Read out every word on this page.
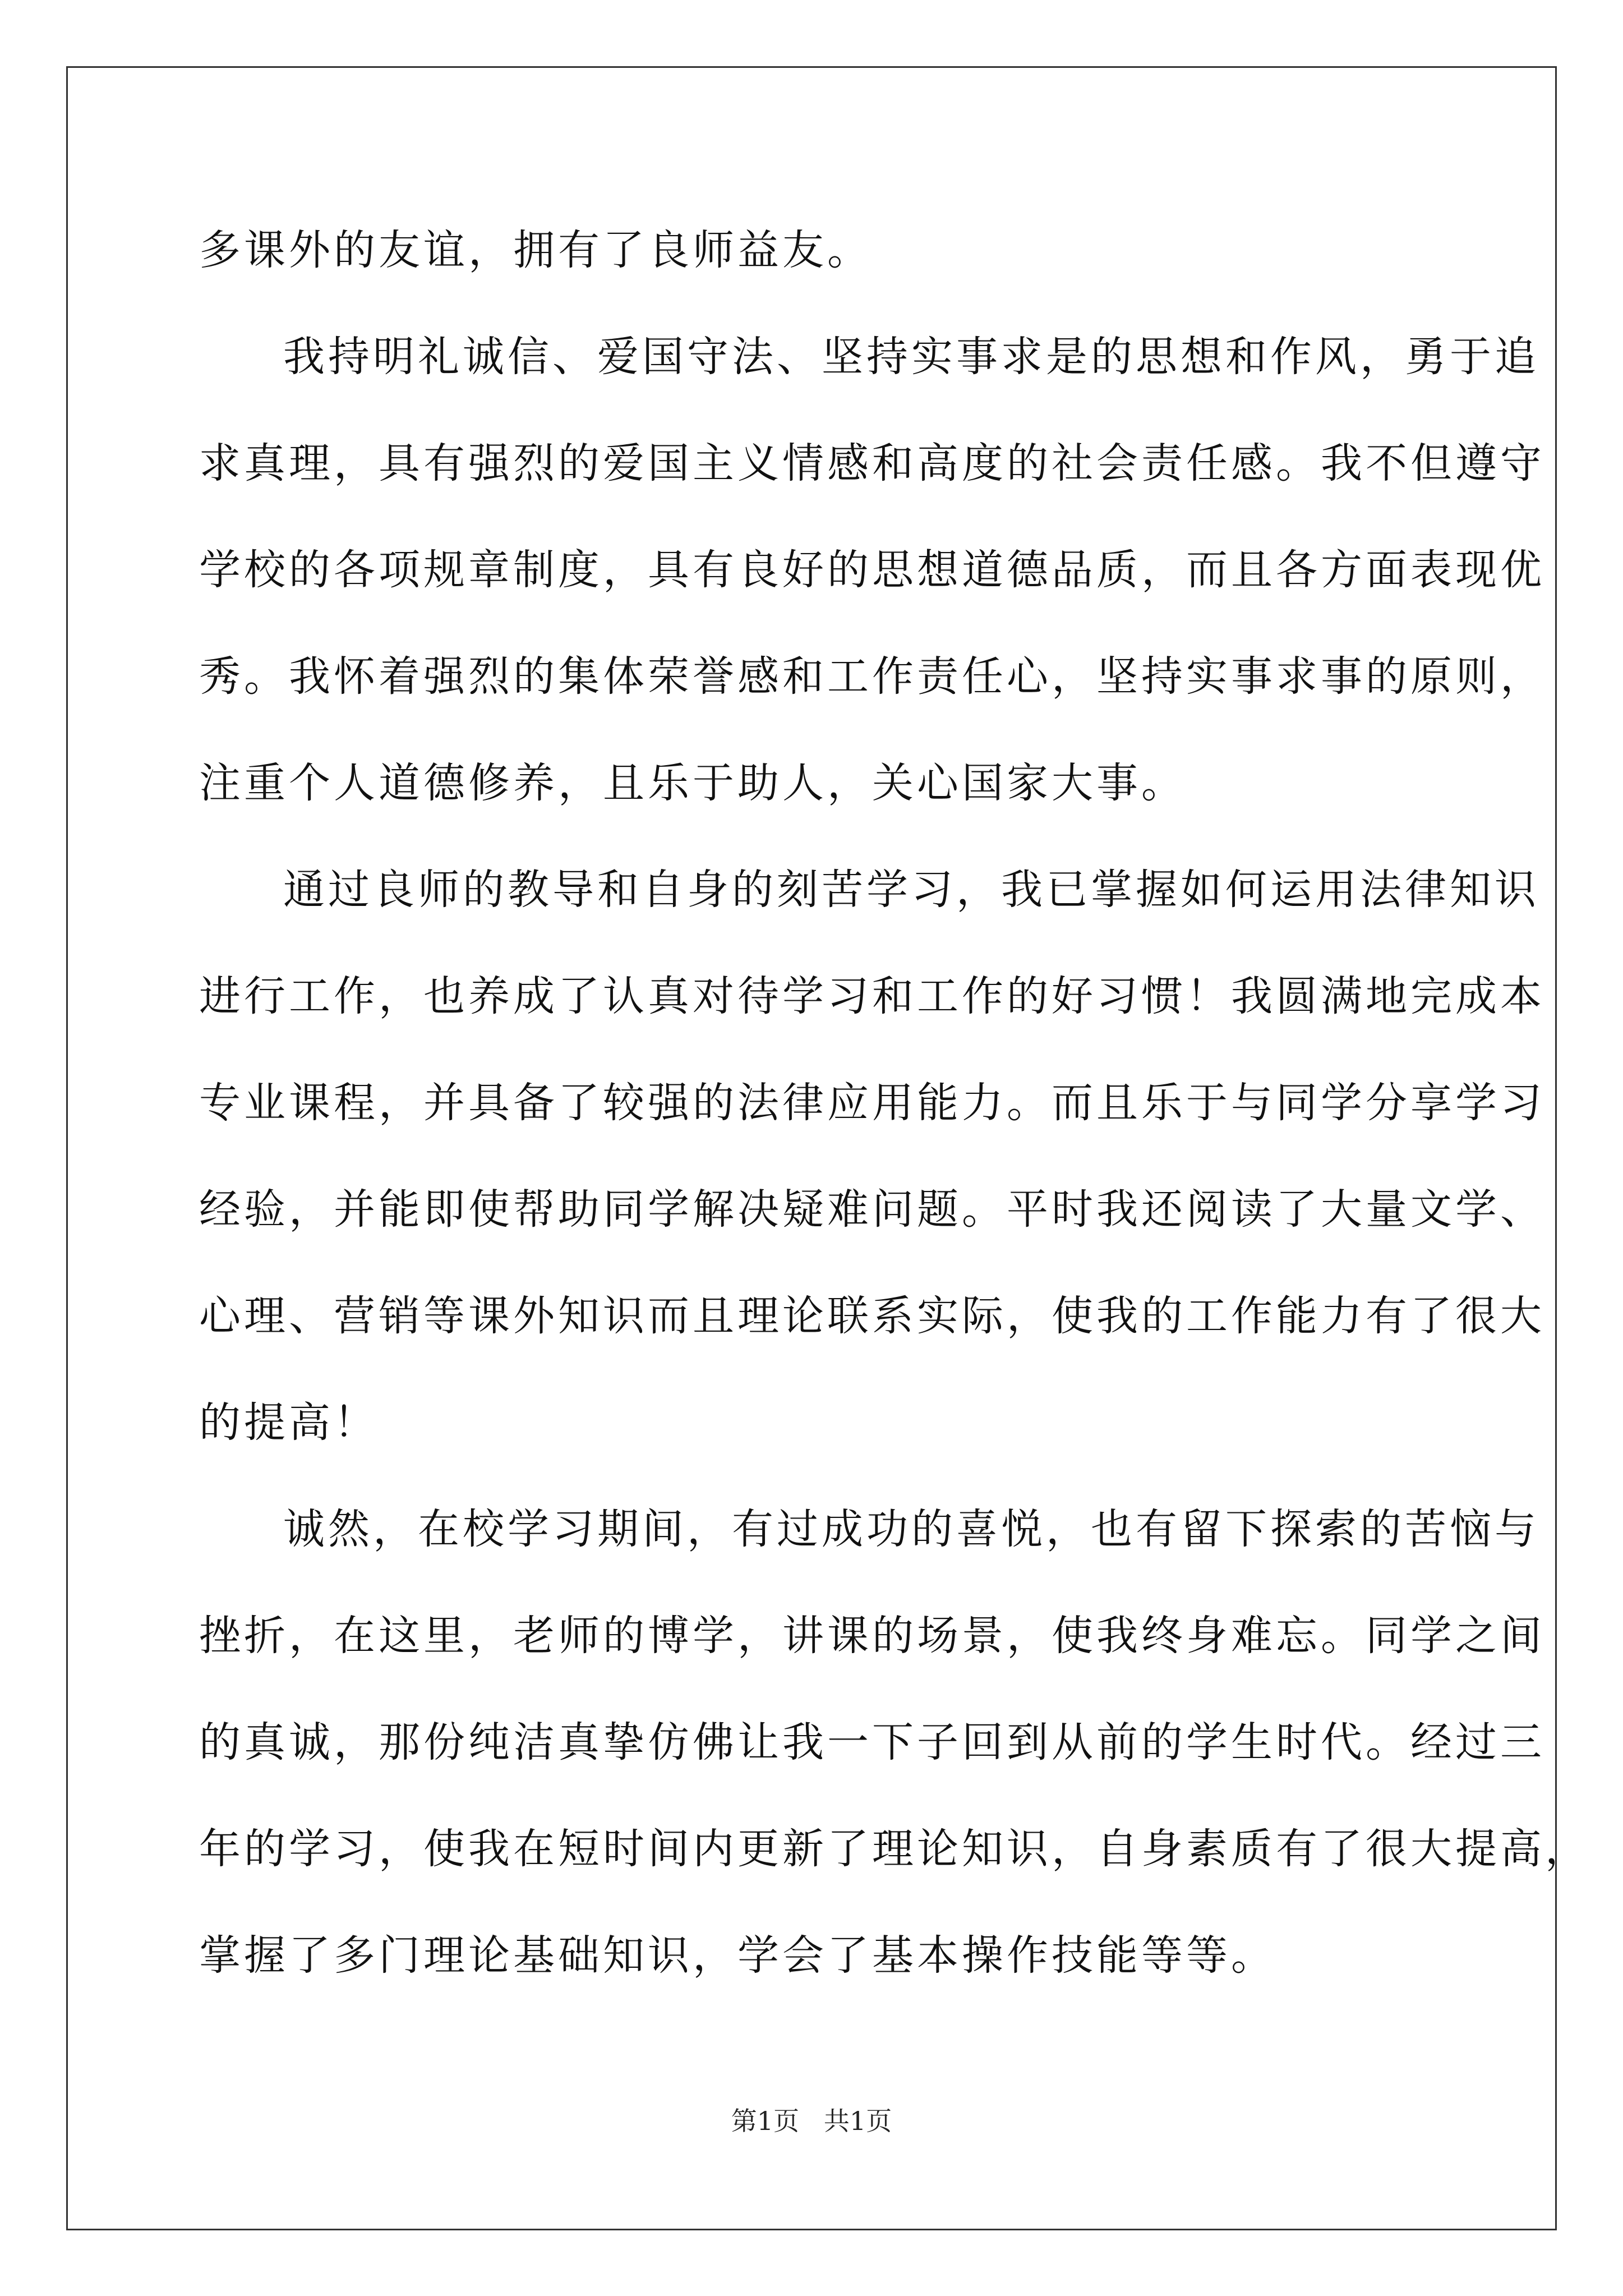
多课外的友谊，拥有了良师益友。
我持明礼诚信、爱国守法、坚持实事求是的思想和作风，勇于追
求真理，具有强烈的爱国主义情感和高度的社会责任感。我不但遵守
学校的各项规章制度，具有良好的思想道德品质，而且各方面表现优
秀。我怀着强烈的集体荣誉感和工作责任心，坚持实事求事的原则，
注重个人道德修养，且乐于助人，关心国家大事。
通过良师的教导和自身的刻苦学习，我已掌握如何运用法律知识
进行工作，也养成了认真对待学习和工作的好习惯！我圆满地完成本
专业课程，并具备了较强的法律应用能力。而且乐于与同学分享学习
经验，并能即使帮助同学解决疑难问题。平时我还阅读了大量文学、
心理、营销等课外知识而且理论联系实际，使我的工作能力有了很大
的提高！
诚然，在校学习期间，有过成功的喜悦，也有留下探索的苦恼与
挫折，在这里，老师的博学，讲课的场景，使我终身难忘。同学之间
的真诚，那份纯洁真挚仿佛让我一下子回到从前的学生时代。经过三
年的学习，使我在短时间内更新了理论知识，自身素质有了很大提高，
掌握了多门理论基础知识，学会了基本操作技能等等。
第1页   共1页
